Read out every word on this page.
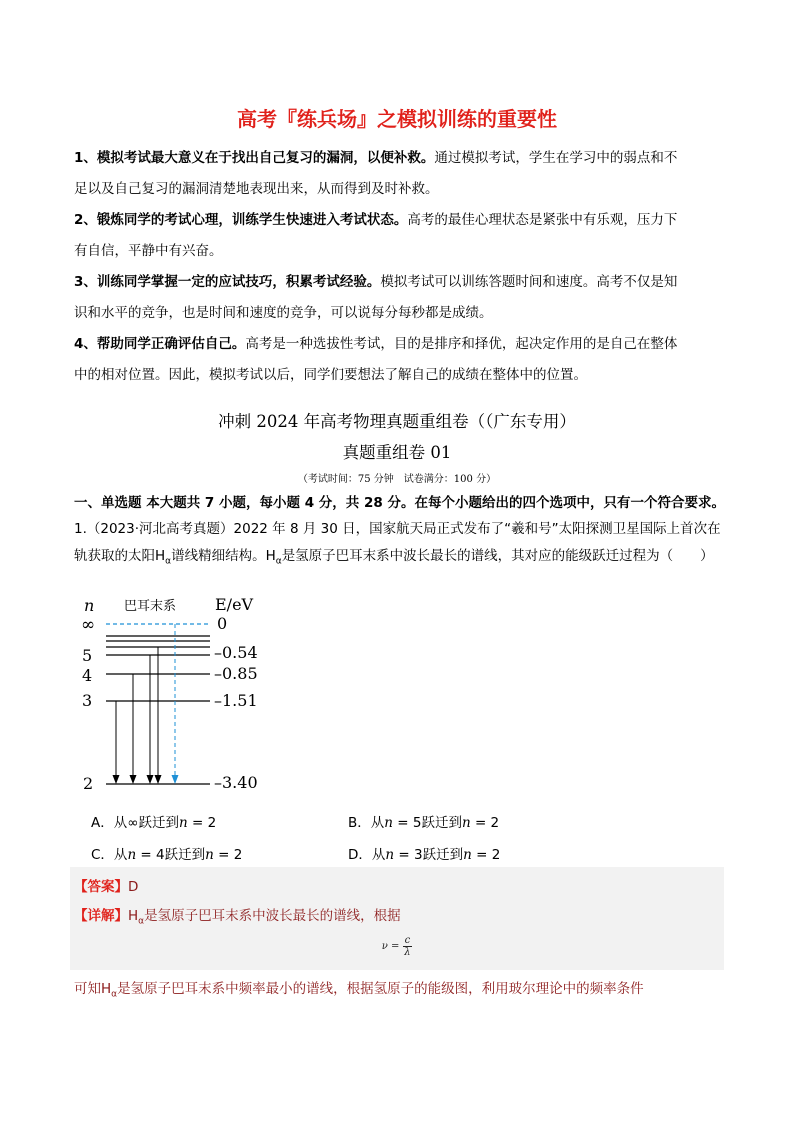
高考『练兵场』之模拟训练的重要性

1、模拟考试最大意义在于找出自己复习的漏洞，以便补救。通过模拟考试，学生在学习中的弱点和不

足以及自己复习的漏洞清楚地表现出来，从而得到及时补救。

2、锻炼同学的考试心理，训练学生快速进入考试状态。高考的最佳心理状态是紧张中有乐观，压力下

有自信，平静中有兴奋。

3、训练同学掌握一定的应试技巧，积累考试经验。模拟考试可以训练答题时间和速度。高考不仅是知

识和水平的竞争，也是时间和速度的竞争，可以说每分每秒都是成绩。

4、帮助同学正确评估自己。高考是一种选拔性考试，目的是排序和择优，起决定作用的是自己在整体

中的相对位置。因此，模拟考试以后，同学们要想法了解自己的成绩在整体中的位置。

冲刺 2024 年高考物理真题重组卷（（广东专用）
真题重组卷 01
（考试时间：75 分钟　试卷满分：100 分）
一、单选题 本大题共 7 小题，每小题 4 分，共 28 分。在每个小题给出的四个选项中，只有一个符合要求。

1.（2023·河北高考真题）2022 年 8 月 30 日，国家航天局正式发布了“羲和号”太阳探测卫星国际上首次在

轨获取的太阳$H_\alpha$谱线精细结构。$H_\alpha$是氢原子巴耳末系中波长最长的谱线，其对应的能级跃迁过程为（　　）

n 巴耳末系 E/eV
∞	0
5	–0.54
4	–0.85
3	–1.51
2	–3.40
A．从∞跃迁到n = 2	B．从n = 5跃迁到n = 2
C．从n = 4跃迁到n = 2	D．从n = 3跃迁到n = 2
【答案】D
【详解】$H_\alpha$是氢原子巴耳末系中波长最长的谱线，根据
$\nu = \frac{c}{\lambda}$
可知$H_\alpha$是氢原子巴耳末系中频率最小的谱线，根据氢原子的能级图，利用玻尔理论中的频率条件
